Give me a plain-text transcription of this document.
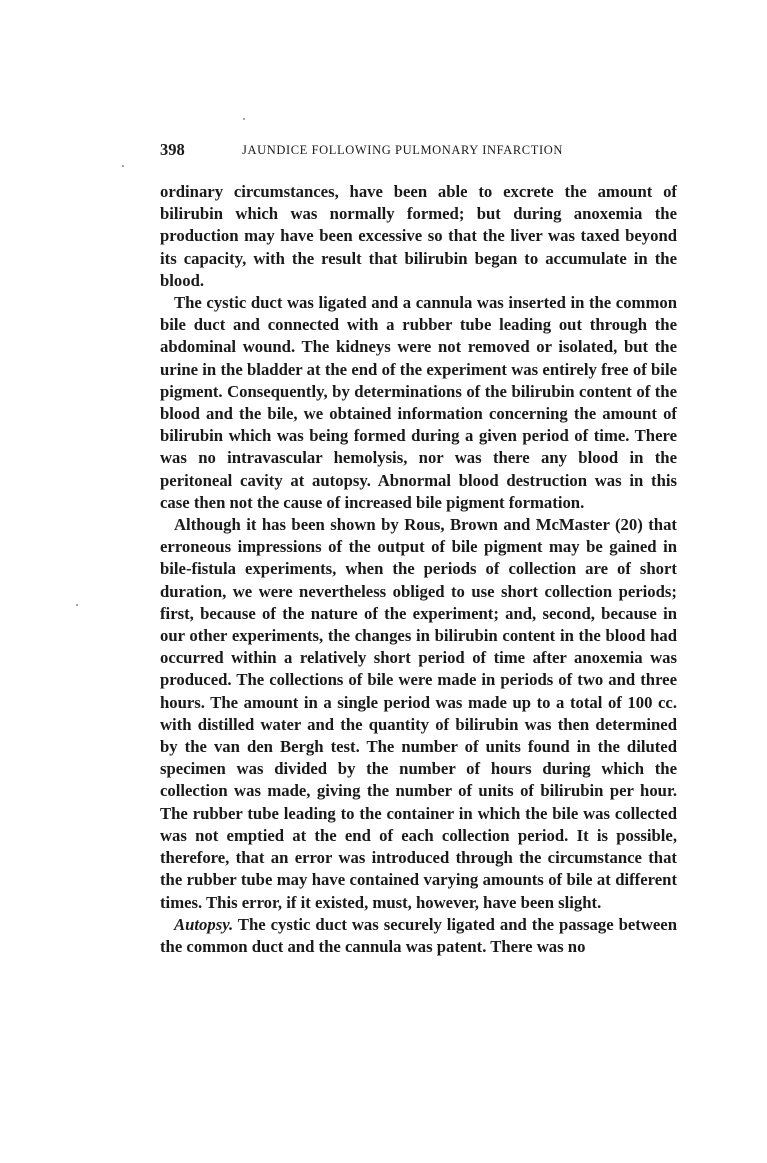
398	JAUNDICE FOLLOWING PULMONARY INFARCTION

ordinary circumstances, have been able to excrete the amount of bilirubin which was normally formed; but during anoxemia the production may have been excessive so that the liver was taxed beyond its capacity, with the result that bilirubin began to accumulate in the blood.

The cystic duct was ligated and a cannula was inserted in the common bile duct and connected with a rubber tube leading out through the abdominal wound. The kidneys were not removed or isolated, but the urine in the bladder at the end of the experiment was entirely free of bile pigment. Consequently, by determinations of the bilirubin content of the blood and the bile, we obtained information concerning the amount of bilirubin which was being formed during a given period of time. There was no intravascular hemolysis, nor was there any blood in the peritoneal cavity at autopsy. Abnormal blood destruction was in this case then not the cause of increased bile pigment formation.

Although it has been shown by Rous, Brown and McMaster (20) that erroneous impressions of the output of bile pigment may be gained in bile-fistula experiments, when the periods of collection are of short duration, we were nevertheless obliged to use short collection periods; first, because of the nature of the experiment; and, second, because in our other experiments, the changes in bilirubin content in the blood had occurred within a relatively short period of time after anoxemia was produced. The collections of bile were made in periods of two and three hours. The amount in a single period was made up to a total of 100 cc. with distilled water and the quantity of bilirubin was then determined by the van den Bergh test. The number of units found in the diluted specimen was divided by the number of hours during which the collection was made, giving the number of units of bilirubin per hour. The rubber tube leading to the container in which the bile was collected was not emptied at the end of each collection period. It is possible, therefore, that an error was introduced through the circumstance that the rubber tube may have contained varying amounts of bile at different times. This error, if it existed, must, however, have been slight.

Autopsy. The cystic duct was securely ligated and the passage between the common duct and the cannula was patent. There was no
